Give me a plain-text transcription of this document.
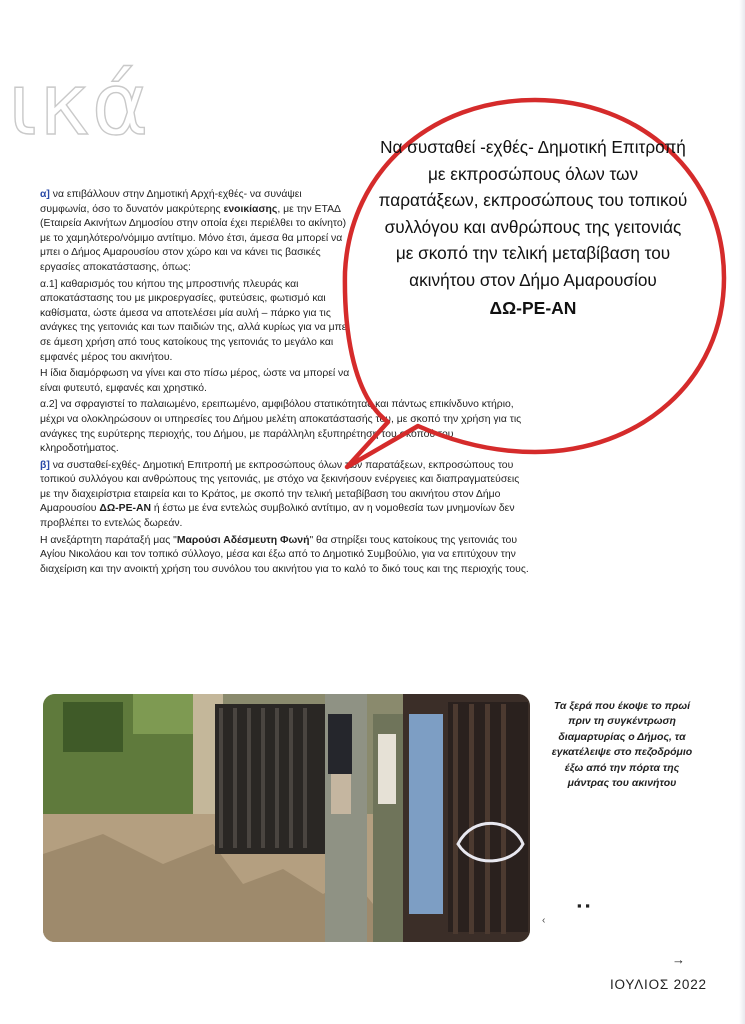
ικά

α] να επιβάλλουν στην Δημοτική Αρχή-εχθές- να συνάψει συμφωνία, όσο το δυνατόν μακρύτερης ενοικίασης, με την ΕΤΑΔ (Εταιρεία Ακινήτων Δημοσίου στην οποία έχει περιέλθει το ακίνητο) με το χαμηλότερο/νόμιμο αντίτιμο. Μόνο έτσι, άμεσα θα μπορεί να μπει ο Δήμος Αμαρουσίου στον χώρο και να κάνει τις βασικές εργασίες αποκατάστασης, όπως:

α.1] καθαρισμός του κήπου της μπροστινής πλευράς και αποκατάστασης του με μικροεργασίες, φυτεύσεις, φωτισμό και καθίσματα, ώστε άμεσα να αποτελέσει μία αυλή – πάρκο για τις ανάγκες της γειτονιάς και των παιδιών της, αλλά κυρίως για να μπει σε άμεση χρήση από τους κατοίκους της γειτονιάς το μεγάλο και εμφανές μέρος του ακινήτου.

Η ίδια διαμόρφωση να γίνει και στο πίσω μέρος, ώστε να μπορεί να είναι φυτευτό, εμφανές και χρηστικό.

α.2] να σφραγιστεί το παλαιωμένο, ερειπωμένο, αμφιβόλου στατικότητας και πάντως επικίνδυνο κτήριο, μέχρι να ολοκληρώσουν οι υπηρεσίες του Δήμου μελέτη αποκατάστασής του, με σκοπό την χρήση για τις ανάγκες της ευρύτερης περιοχής, του Δήμου, με παράλληλη εξυπηρέτηση του σκοπού του κληροδοτήματος.

β] να συσταθεί-εχθές- Δημοτική Επιτροπή με εκπροσώπους όλων των παρατάξεων, εκπροσώπους του τοπικού συλλόγου και ανθρώπους της γειτονιάς, με στόχο να ξεκινήσουν ενέργειες και διαπραγματεύσεις με την διαχειρίστρια εταιρεία και το Κράτος, με σκοπό την τελική μεταβίβαση του ακινήτου στον Δήμο Αμαρουσίου ΔΩ-ΡΕ-ΑΝ ή έστω με ένα εντελώς συμβολικό αντίτιμο, αν η νομοθεσία των μνημονίων δεν προβλέπει το εντελώς δωρεάν.

Η ανεξάρτητη παράταξή μας "Μαρούσι Αδέσμευτη Φωνή" θα στηρίξει τους κατοίκους της γειτονιάς του Αγίου Νικολάου και τον τοπικό σύλλογο, μέσα και έξω από το Δημοτικό Συμβούλιο, για να επιτύχουν την διαχείριση και την ανοικτή χρήση του συνόλου του ακινήτου για το καλό το δικό τους και της περιοχής τους.

Να συσταθεί -εχθές- Δημοτική Επιτροπή με εκπροσώπους όλων των παρατάξεων, εκπροσώπους του τοπικού συλλόγου και ανθρώπους της γειτονιάς με σκοπό την τελική μεταβίβαση του ακινήτου στον Δήμο Αμαρουσίου
ΔΩ-ΡΕ-ΑΝ
Τα ξερά που έκοψε το πρωί πριν τη συγκέντρωση διαμαρτυρίας ο Δήμος, τα εγκατέλειψε στο πεζοδρόμιο έξω από την πόρτα της μάντρας του ακινήτου
▪ ▪
‹
→
ΙΟΥΛΙΟΣ 2022
